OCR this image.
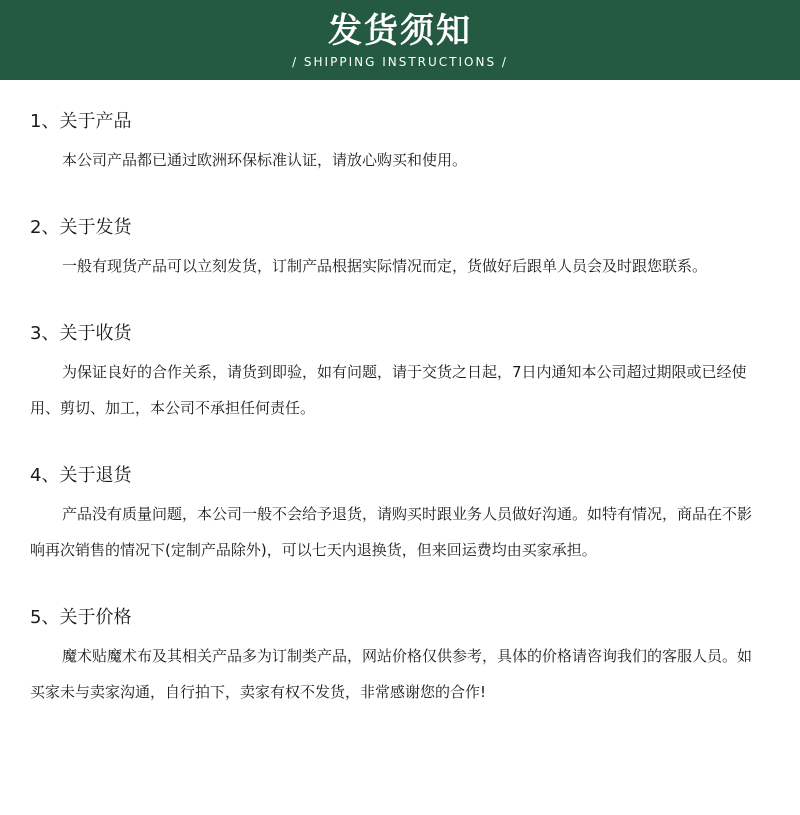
发货须知
/ SHIPPING INSTRUCTIONS /
1、关于产品

本公司产品都已通过欧洲环保标准认证，请放心购买和使用。

2、关于发货

一般有现货产品可以立刻发货，订制产品根据实际情况而定，货做好后跟单人员会及时跟您联系。

3、关于收货

为保证良好的合作关系，请货到即验，如有问题，请于交货之日起，7日内通知本公司超过期限或已经使用、剪切、加工，本公司不承担任何责任。

4、关于退货

产品没有质量问题，本公司一般不会给予退货，请购买时跟业务人员做好沟通。如特有情况，商品在不影响再次销售的情况下(定制产品除外)，可以七天内退换货，但来回运费均由买家承担。

5、关于价格

魔术贴魔术布及其相关产品多为订制类产品，网站价格仅供参考，具体的价格请咨询我们的客服人员。如买家未与卖家沟通，自行拍下，卖家有权不发货，非常感谢您的合作!
